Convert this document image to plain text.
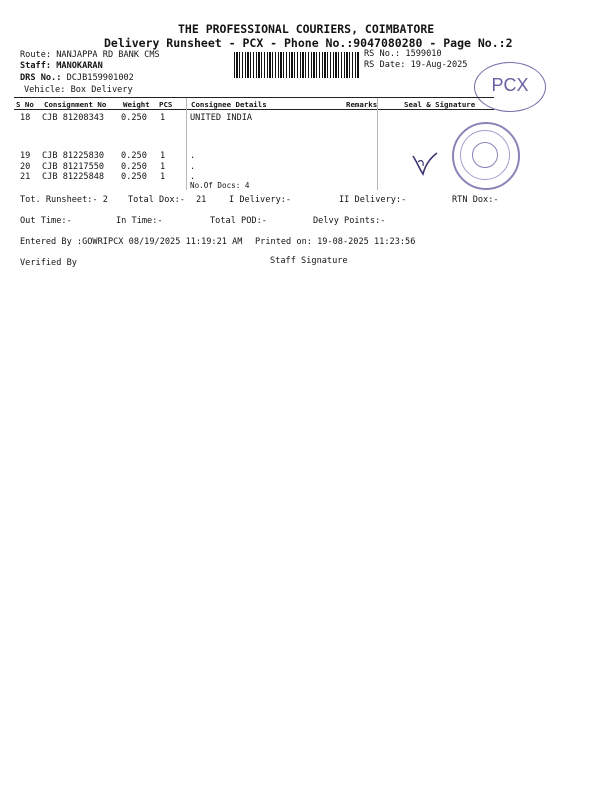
THE PROFESSIONAL COURIERS, COIMBATORE
Delivery Runsheet - PCX - Phone No.:9047080280 - Page No.:2
Route: NANJAPPA RD BANK CMS
Staff: MANOKARAN
DRS No.: DCJB159901002
Vehicle: Box Delivery
RS No.: 1599010
RS Date: 19-Aug-2025
PCX
S No Consignment No Weight PCS	Consignee Details	Remarks	Seal & Signature
18 CJB 81208343 0.250 1	UNITED INDIA
19 CJB 81225830 0.250 1	.
20 CJB 81217550 0.250 1	.
21 CJB 81225848 0.250 1	.
No.Of Docs: 4
Tot. Runsheet:- 2 Total Dox:- 21	I Delivery:-	II Delivery:-	RTN Dox:-
Out Time:-	In Time:-	Total POD:-	Delvy Points:-
Entered By :GOWRIPCX 08/19/2025 11:19:21 AM Printed on: 19-08-2025 11:23:56
Verified By	Staff Signature
